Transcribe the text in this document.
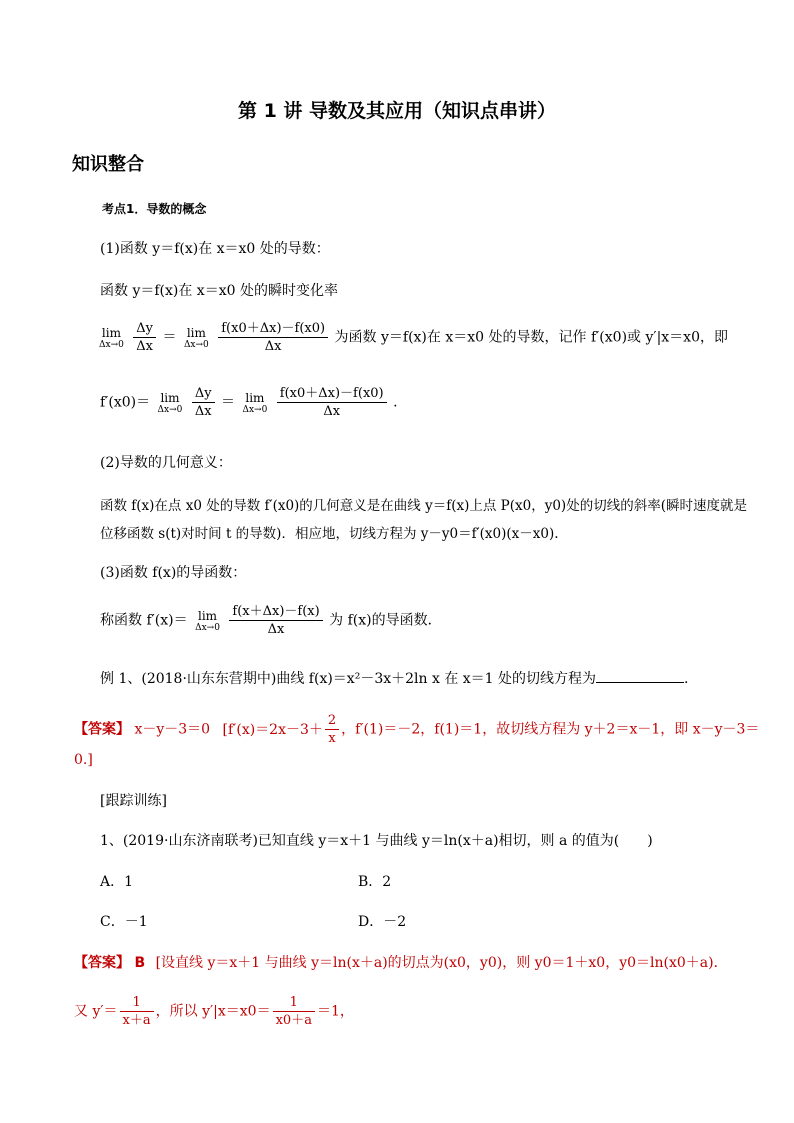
第 1 讲 导数及其应用（知识点串讲）
知识整合
考点1．导数的概念
(1)函数 y＝f(x)在 x＝x0 处的导数：
函数 y＝f(x)在 x＝x0 处的瞬时变化率
lim
Δx→0
$\frac{\Delta y}{\Delta x} = \lim$
Δx→0
$\frac{f(x0+\Delta x)-f(x0)}{\Delta x}$ 为函数 y＝f(x)在 x＝x0 处的导数，记作 f′(x0)或 y′|x＝x0，即
f′(x0)＝ lim
Δx→0
$\frac{\Delta y}{\Delta x} = \lim$
Δx→0
$\frac{f(x0+\Delta x)-f(x0)}{\Delta x}$ .
(2)导数的几何意义：
函数 f(x)在点 x0 处的导数 f′(x0)的几何意义是在曲线 y＝f(x)上点 P(x0，y0)处的切线的斜率(瞬时速度就是
位移函数 s(t)对时间 t 的导数)．相应地，切线方程为 y－y0＝f′(x0)(x－x0).
(3)函数 f(x)的导函数：
称函数 f′(x)＝ lim
Δx→0
$\frac{f(x+\Delta x)-f(x)}{\Delta x}$ 为 f(x)的导函数．
例 1、(2018·山东东营期中)曲线 f(x)＝x²－3x＋2ln x 在 x＝1 处的切线方程为	.
【答案】 x－y－3＝0 [$f'(x)=2x-3+ \frac{2}{x}$ ，f′(1)＝－2，f(1)＝1，故切线方程为 y＋2＝x－1，即 x－y－3＝
0.]
[跟踪训练]
1、(2019·山东济南联考)已知直线 y＝x＋1 与曲线 y＝ln(x＋a)相切，则 a 的值为(　　)
A．1	B．2
C．－1	D．－2
【答案】 B [设直线 y＝x＋1 与曲线 y＝ln(x＋a)的切点为(x0，y0)，则 y0＝1＋x0，y0＝ln(x0＋a)．
又 $y'= \frac{1}{x+a}$ ，所以 $y'|x=x0= \frac{1}{x0+a} =1$，
